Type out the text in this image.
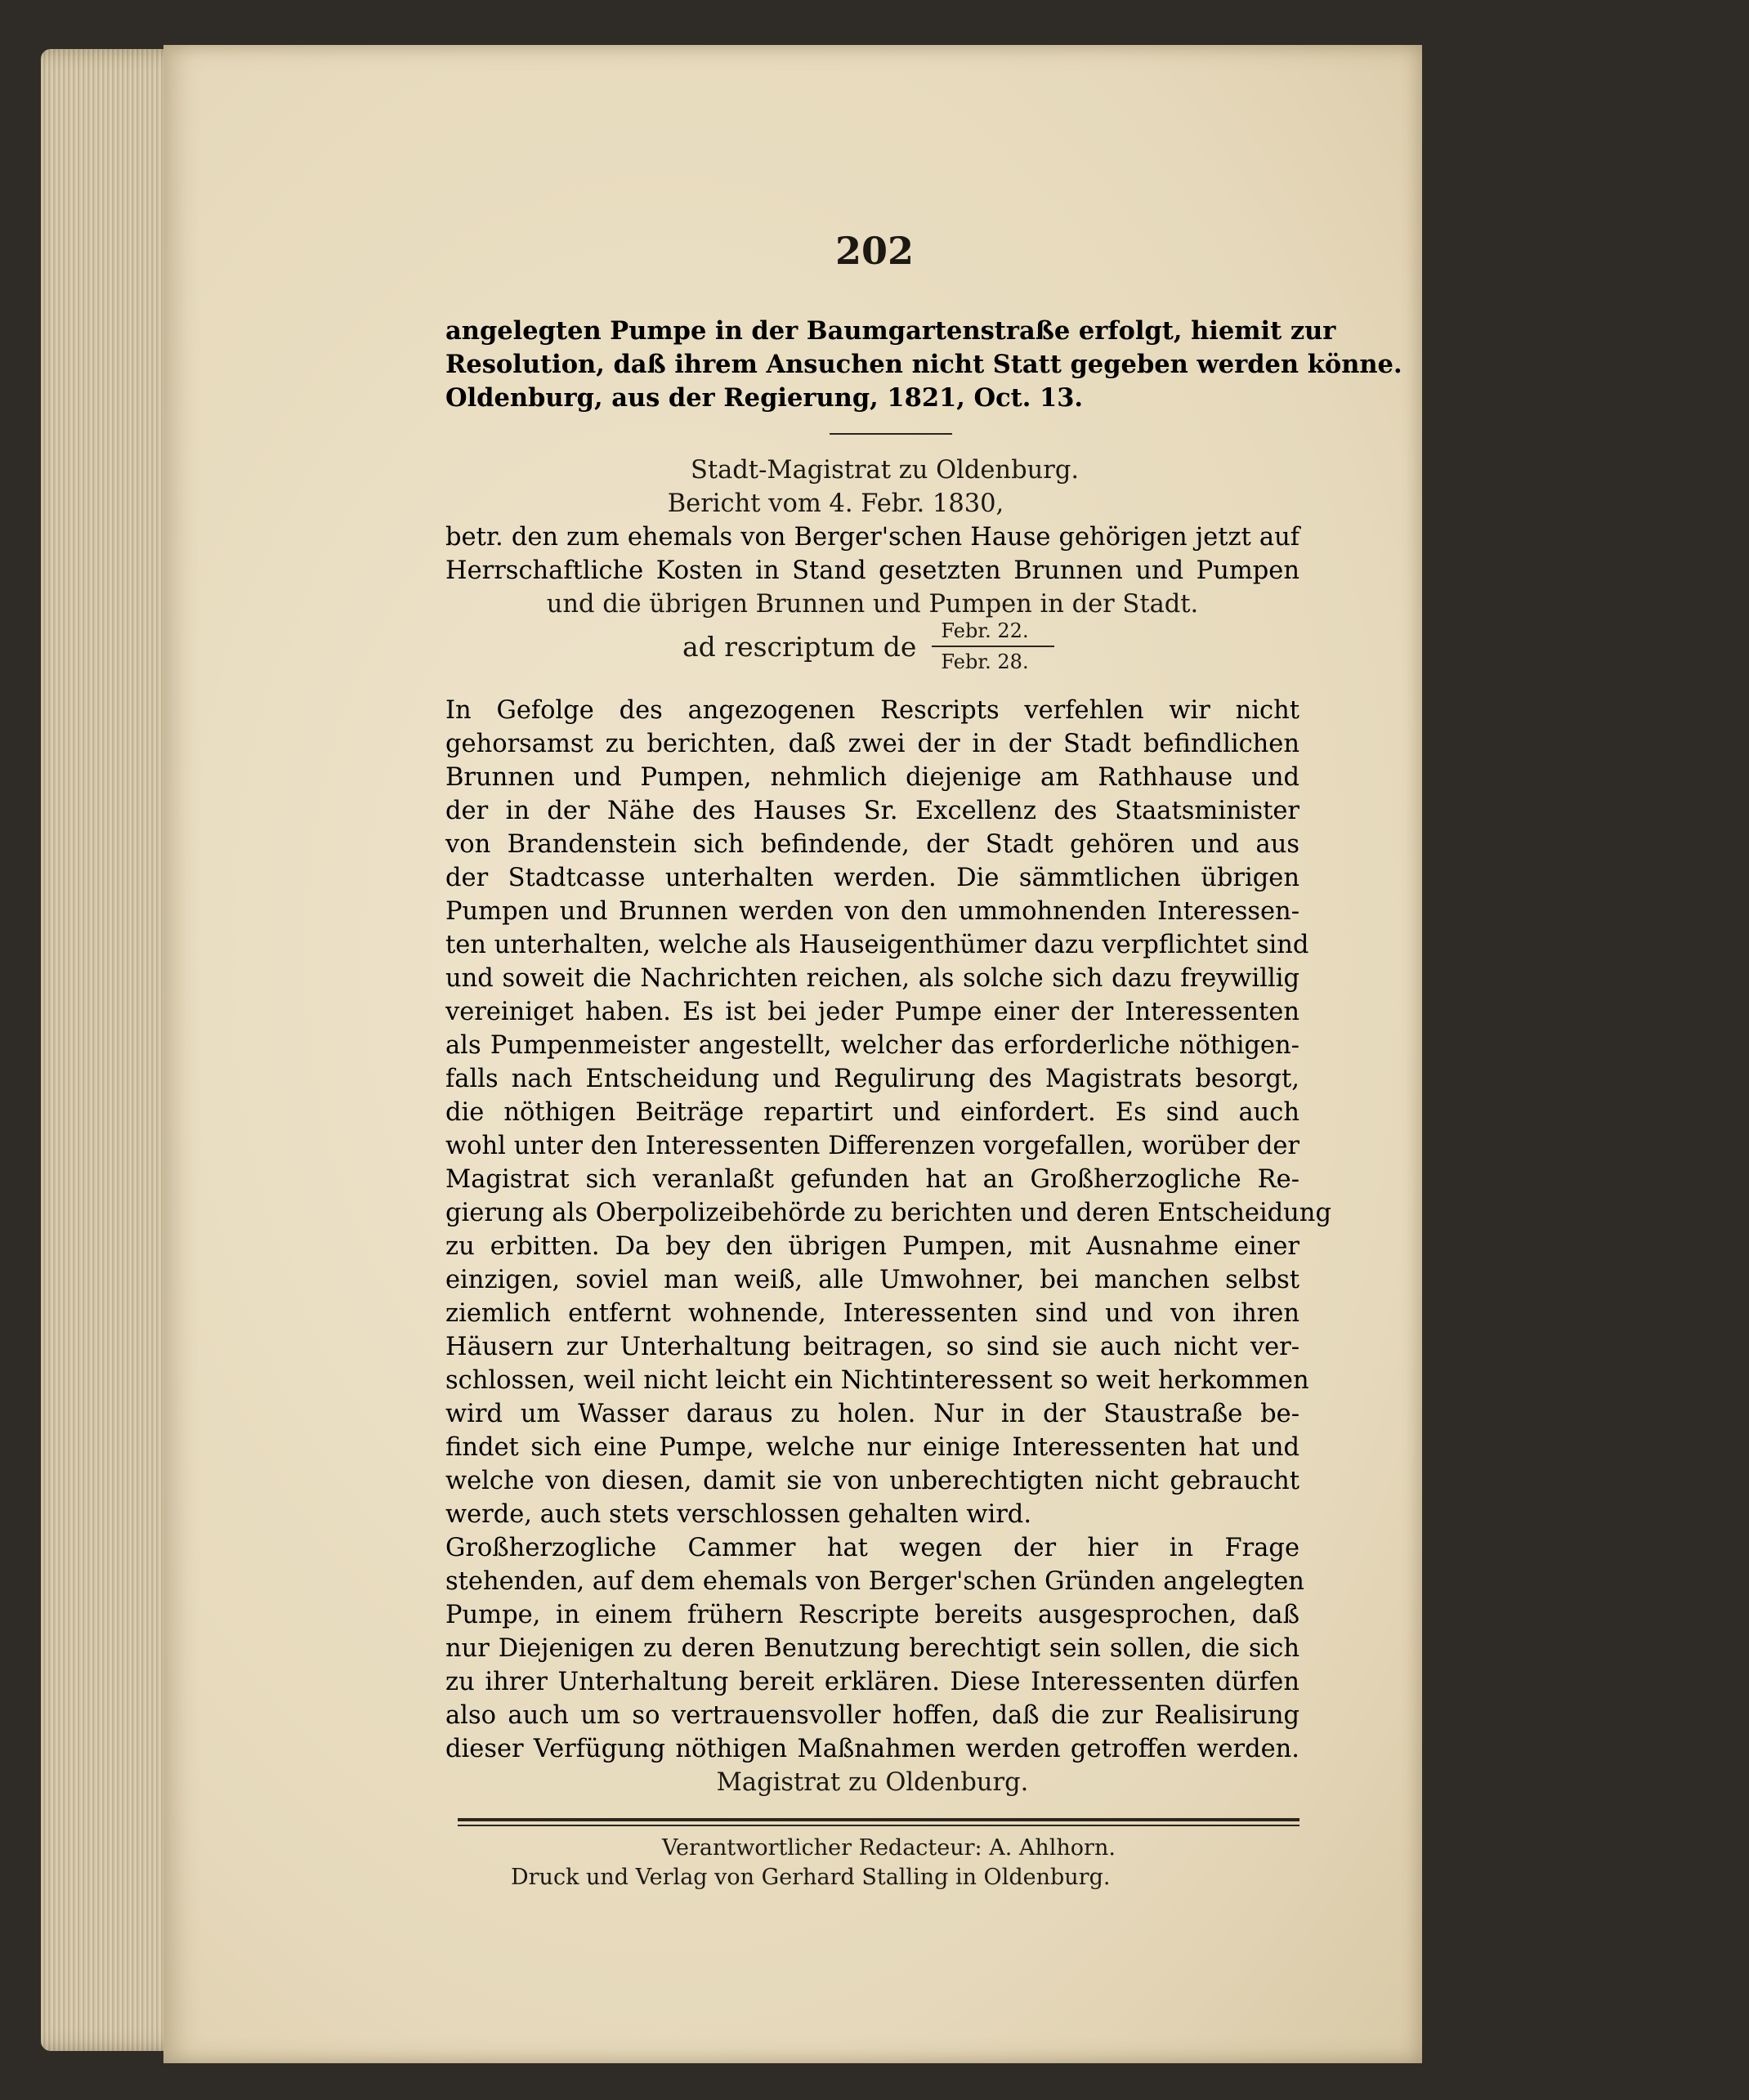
202
angelegten Pumpe in der Baumgartenstraße erfolgt, hiemit zur
Resolution, daß ihrem Ansuchen nicht Statt gegeben werden könne.
Oldenburg, aus der Regierung, 1821, Oct. 13.
Stadt-Magistrat zu Oldenburg.
Bericht vom 4. Febr. 1830,
betr. den zum ehemals von Berger'schen Hause gehörigen jetzt auf
Herrschaftliche Kosten in Stand gesetzten Brunnen und Pumpen
und die übrigen Brunnen und Pumpen in der Stadt.
ad rescriptum de	Febr. 22.
Febr. 28.
In Gefolge des angezogenen Rescripts verfehlen wir nicht
gehorsamst zu berichten, daß zwei der in der Stadt befindlichen
Brunnen und Pumpen, nehmlich diejenige am Rathhause und
der in der Nähe des Hauses Sr. Excellenz des Staatsminister
von Brandenstein sich befindende, der Stadt gehören und aus
der Stadtcasse unterhalten werden. Die sämmtlichen übrigen
Pumpen und Brunnen werden von den ummohnenden Interessen-
ten unterhalten, welche als Hauseigenthümer dazu verpflichtet sind
und soweit die Nachrichten reichen, als solche sich dazu freywillig
vereiniget haben. Es ist bei jeder Pumpe einer der Interessenten
als Pumpenmeister angestellt, welcher das erforderliche nöthigen-
falls nach Entscheidung und Regulirung des Magistrats besorgt,
die nöthigen Beiträge repartirt und einfordert. Es sind auch
wohl unter den Interessenten Differenzen vorgefallen, worüber der
Magistrat sich veranlaßt gefunden hat an Großherzogliche Re-
gierung als Oberpolizeibehörde zu berichten und deren Entscheidung
zu erbitten. Da bey den übrigen Pumpen, mit Ausnahme einer
einzigen, soviel man weiß, alle Umwohner, bei manchen selbst
ziemlich entfernt wohnende, Interessenten sind und von ihren
Häusern zur Unterhaltung beitragen, so sind sie auch nicht ver-
schlossen, weil nicht leicht ein Nichtinteressent so weit herkommen
wird um Wasser daraus zu holen. Nur in der Staustraße be-
findet sich eine Pumpe, welche nur einige Interessenten hat und
welche von diesen, damit sie von unberechtigten nicht gebraucht
werde, auch stets verschlossen gehalten wird.
Großherzogliche Cammer hat wegen der hier in Frage
stehenden, auf dem ehemals von Berger'schen Gründen angelegten
Pumpe, in einem frühern Rescripte bereits ausgesprochen, daß
nur Diejenigen zu deren Benutzung berechtigt sein sollen, die sich
zu ihrer Unterhaltung bereit erklären. Diese Interessenten dürfen
also auch um so vertrauensvoller hoffen, daß die zur Realisirung
dieser Verfügung nöthigen Maßnahmen werden getroffen werden.
Magistrat zu Oldenburg.
Verantwortlicher Redacteur: A. Ahlhorn.
Druck und Verlag von Gerhard Stalling in Oldenburg.
